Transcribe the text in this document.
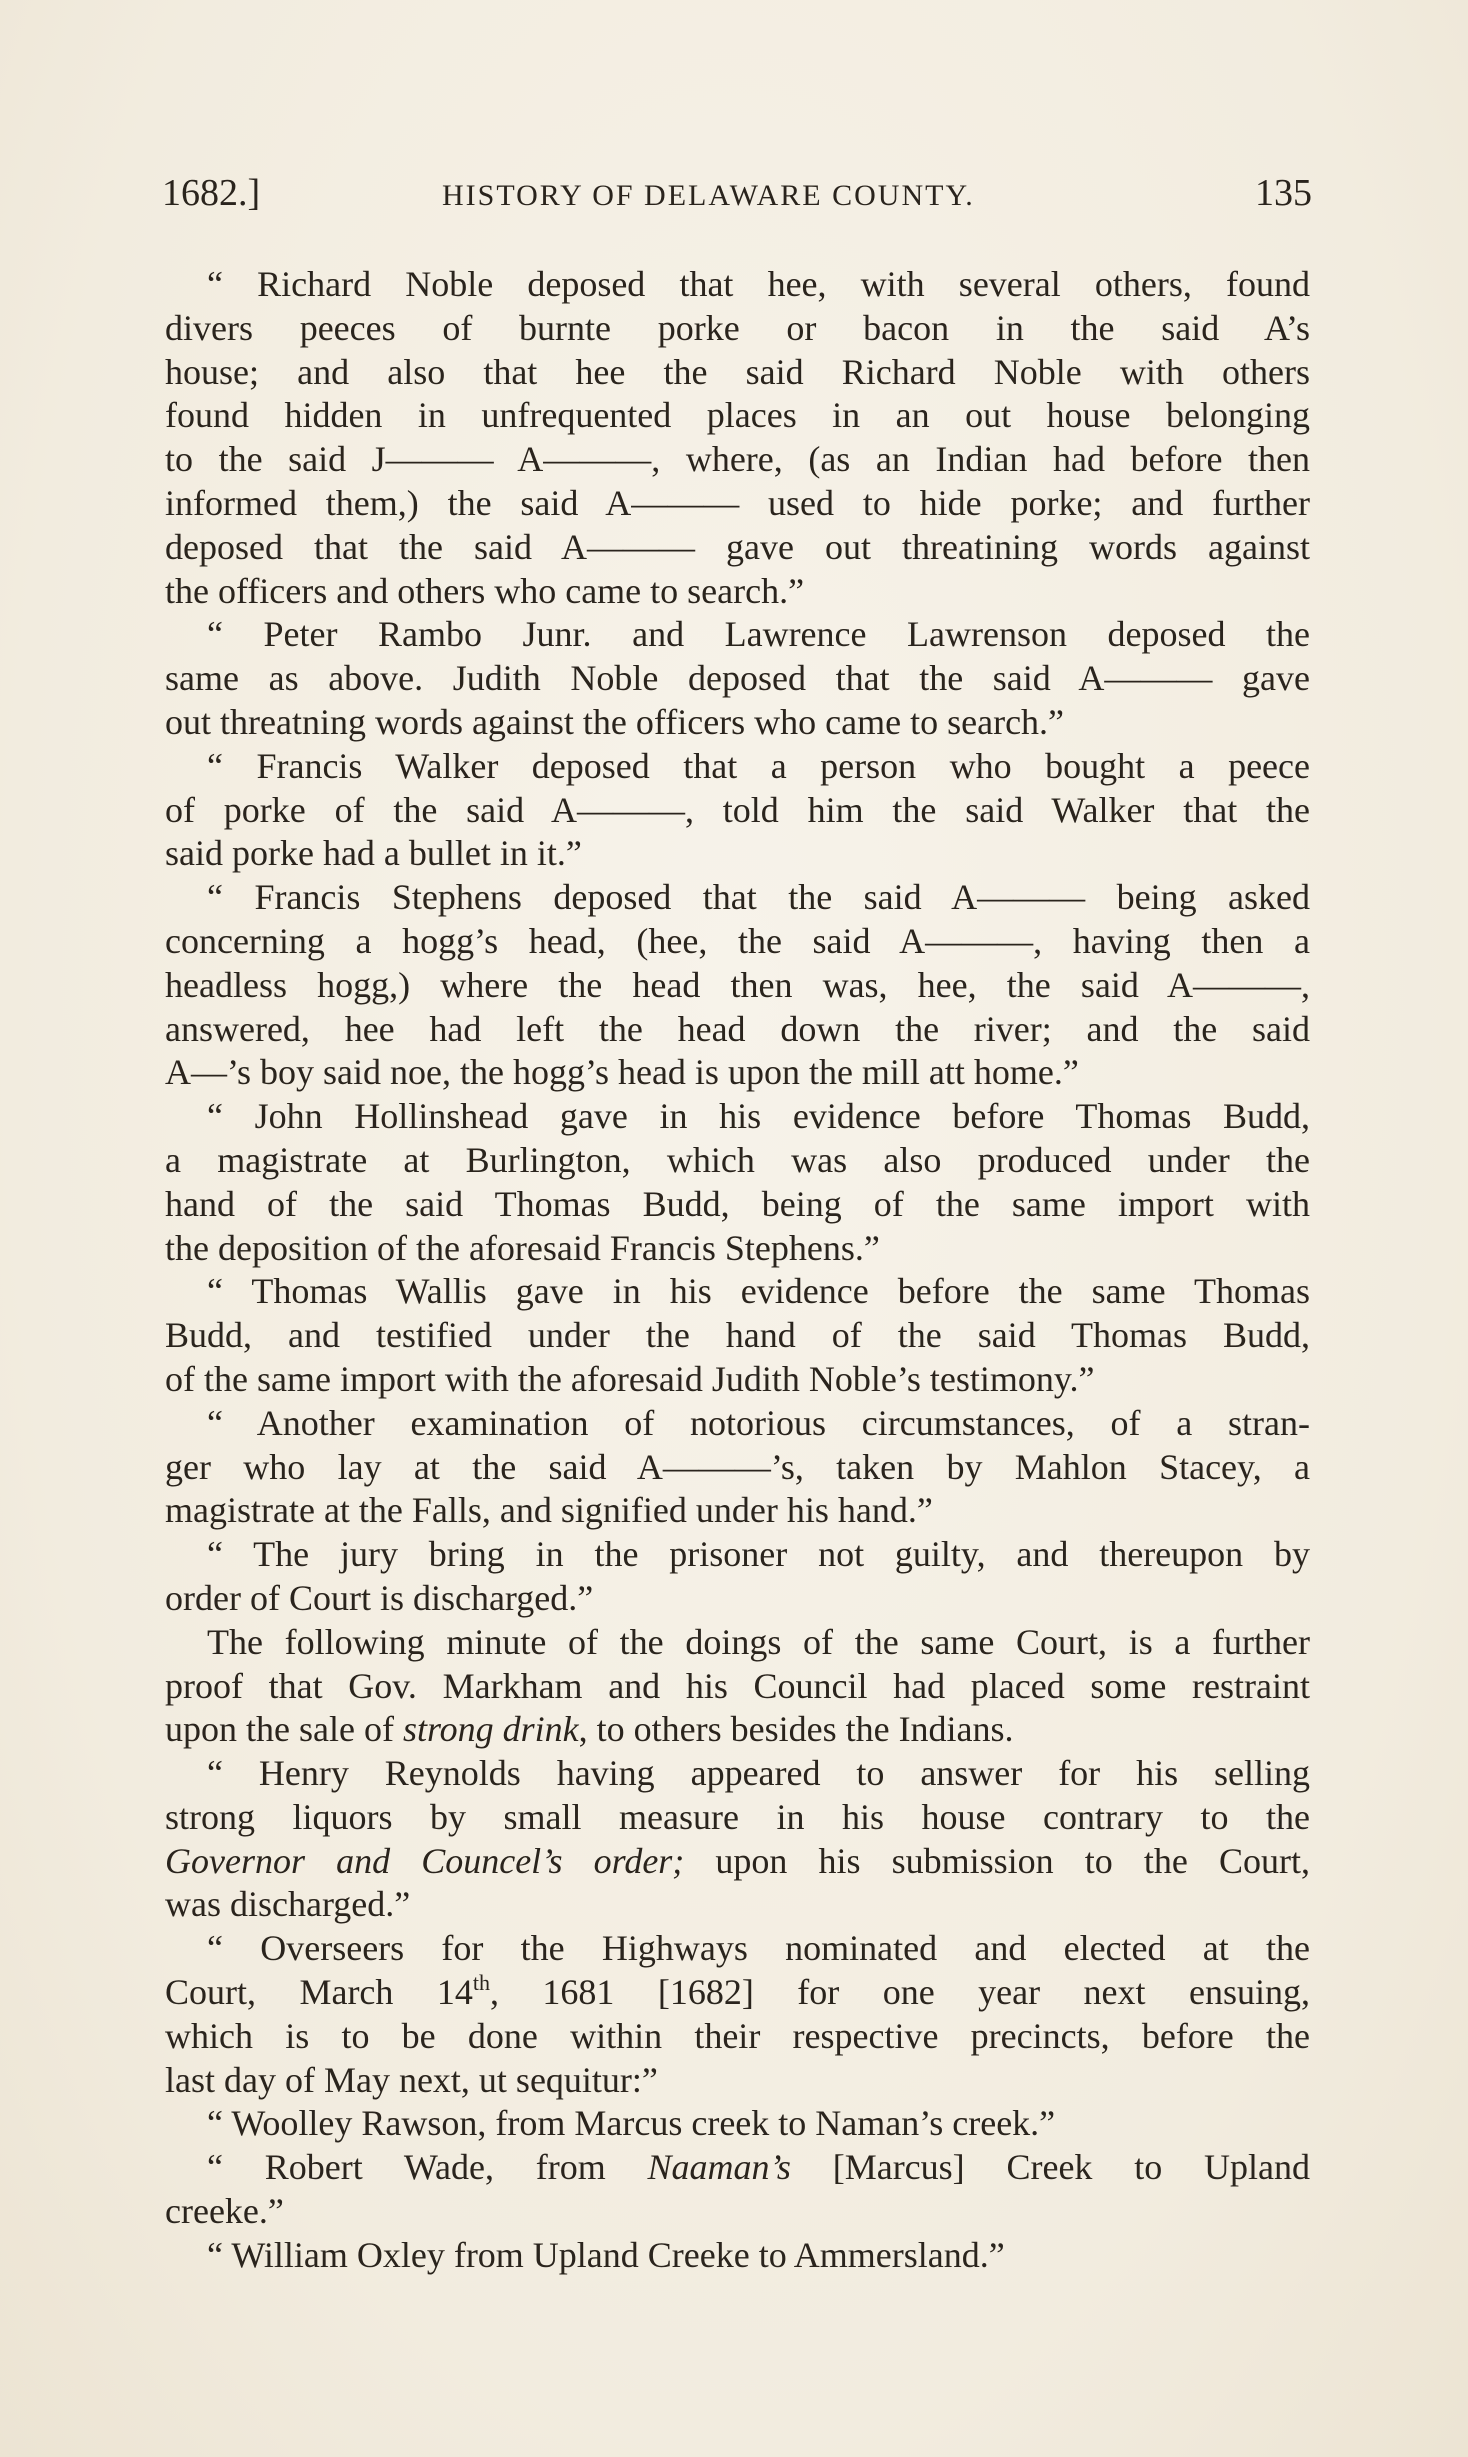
1682.]	HISTORY OF DELAWARE COUNTY.	135

“ Richard Noble deposed that hee, with several others, found
divers peeces of burnte porke or bacon in the said A’s
house; and also that hee the said Richard Noble with others
found hidden in unfrequented places in an out house belonging
to the said J——— A———, where, (as an Indian had before then
informed them,) the said A——— used to hide porke; and further
deposed that the said A——— gave out threatining words against
the officers and others who came to search.”

“ Peter Rambo Junr. and Lawrence Lawrenson deposed the
same as above. Judith Noble deposed that the said A——— gave
out threatning words against the officers who came to search.”

“ Francis Walker deposed that a person who bought a peece
of porke of the said A———, told him the said Walker that the
said porke had a bullet in it.”

“ Francis Stephens deposed that the said A——— being asked
concerning a hogg’s head, (hee, the said A———, having then a
headless hogg,) where the head then was, hee, the said A———,
answered, hee had left the head down the river; and the said
A—’s boy said noe, the hogg’s head is upon the mill att home.”

“ John Hollinshead gave in his evidence before Thomas Budd,
a magistrate at Burlington, which was also produced under the
hand of the said Thomas Budd, being of the same import with
the deposition of the aforesaid Francis Stephens.”

“ Thomas Wallis gave in his evidence before the same Thomas
Budd, and testified under the hand of the said Thomas Budd,
of the same import with the aforesaid Judith Noble’s testimony.”

“ Another examination of notorious circumstances, of a stran-
ger who lay at the said A———’s, taken by Mahlon Stacey, a
magistrate at the Falls, and signified under his hand.”

“ The jury bring in the prisoner not guilty, and thereupon by
order of Court is discharged.”

The following minute of the doings of the same Court, is a further
proof that Gov. Markham and his Council had placed some restraint
upon the sale of strong drink, to others besides the Indians.

“ Henry Reynolds having appeared to answer for his selling
strong liquors by small measure in his house contrary to the
Governor and Councel’s order; upon his submission to the Court,
was discharged.”

“ Overseers for the Highways nominated and elected at the
Court, March 14th, 1681 [1682] for one year next ensuing,
which is to be done within their respective precincts, before the
last day of May next, ut sequitur:”

“ Woolley Rawson, from Marcus creek to Naman’s creek.”

“ Robert Wade, from Naaman’s [Marcus] Creek to Upland
creeke.”

“ William Oxley from Upland Creeke to Ammersland.”
